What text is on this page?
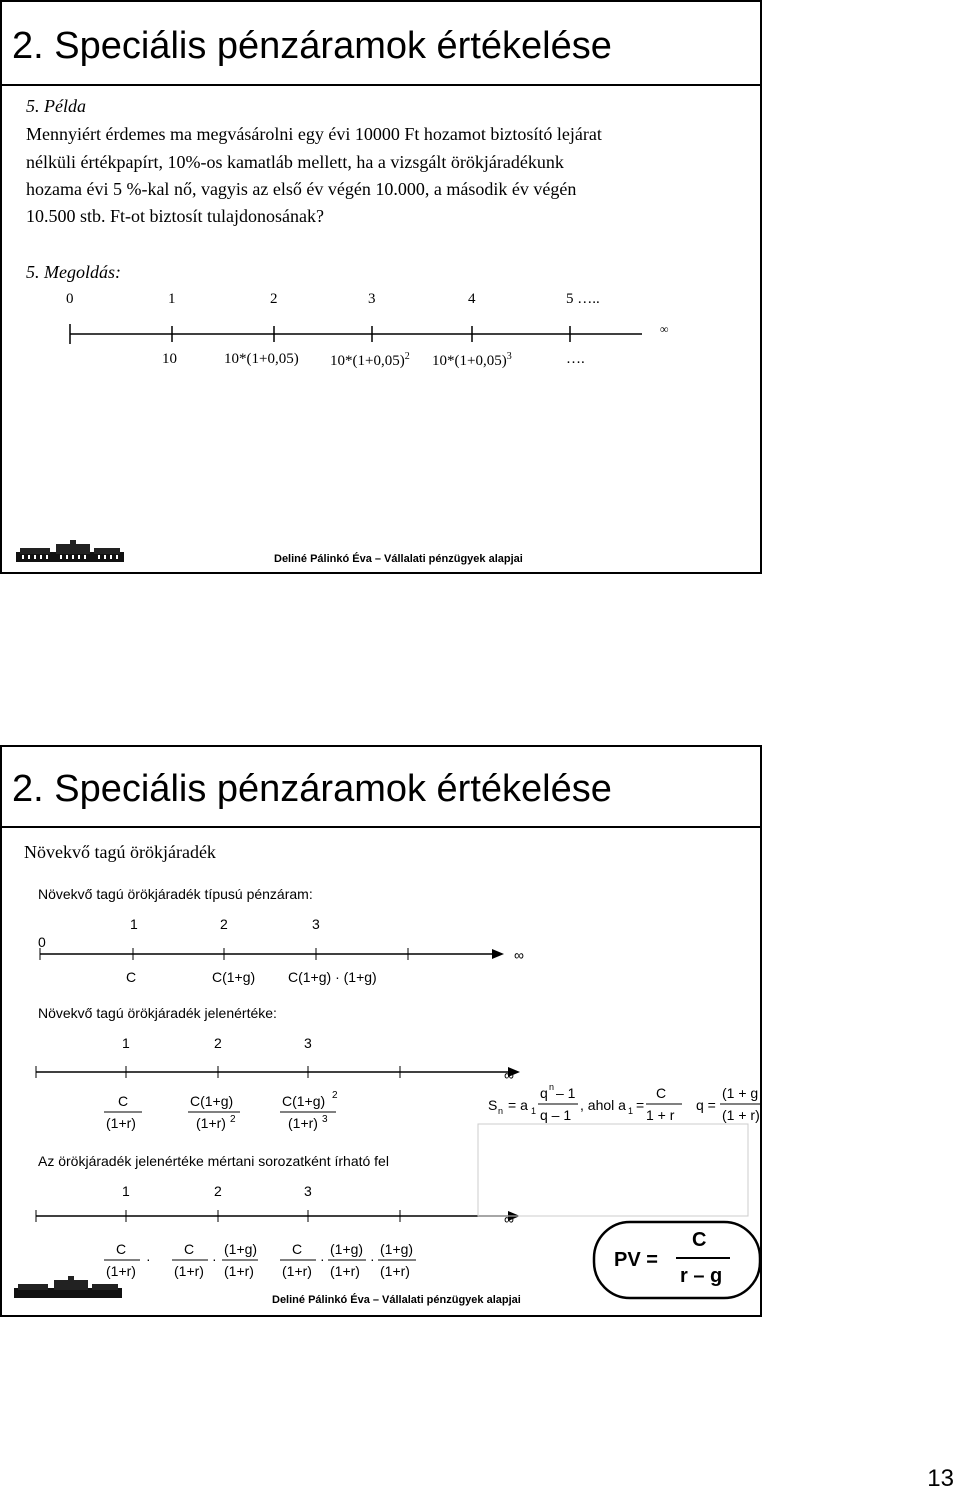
2. Speciális pénzáramok értékelése
5. Példa
Mennyiért érdemes ma megvásárolni egy évi 10000 Ft hozamot biztosító lejárat
nélküli értékpapírt, 10%-os kamatláb mellett, ha a vizsgált örökjáradékunk
hozama évi 5 %-kal nő, vagyis az első év végén 10.000, a második év végén
10.500 stb. Ft-ot biztosít tulajdonosának?
5. Megoldás:
0	1	2	3	4	5 …..
∞
10	10*(1+0,05) $10*(1+0,05)^2$ $10*(1+0,05)^3$	….
Deliné Pálinkó Éva – Vállalati pénzügyek alapjai
2. Speciális pénzáramok értékelése
Növekvő tagú örökjáradék
Növekvő tagú örökjáradék típusú pénzáram:
1	2	3
0
∞
C	C(1+g) C(1+g) · (1+g)
Növekvő tagú örökjáradék jelenértéke:
1	2	3
∞
C
(1+r)
C(1+g)
(1+r) 2
C(1+g) 2
(1+r) 3
Az örökjáradék jelenértéke mértani sorozatként írható fel
1	2	3
∞
C
(1+r)
·
C
(1+r)
·
(1+g)
(1+r)
C
(1+r)
·
(1+g)
(1+r)
·
(1+g)
(1+r)
S n = a 1
q n – 1
q – 1
, ahol a 1 =
C
1 + r
q =
(1 + g
(1 + r)
PV =
C
r – g
Deliné Pálinkó Éva – Vállalati pénzügyek alapjai
13
